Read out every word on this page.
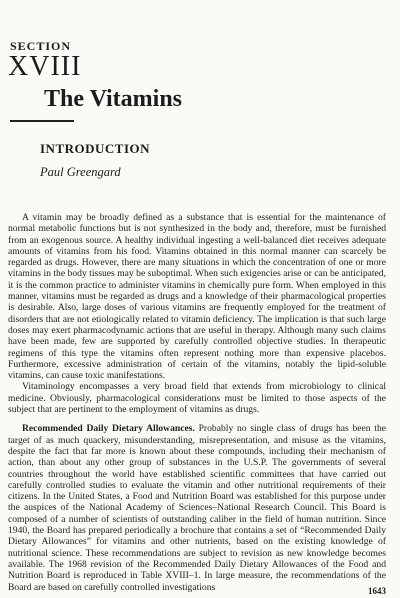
SECTION
XVIII
The Vitamins
INTRODUCTION
Paul Greengard

A vitamin may be broadly defined as a substance that is essential for the maintenance of normal metabolic functions but is not synthesized in the body and, therefore, must be furnished from an exogenous source. A healthy individual ingesting a well-balanced diet receives adequate amounts of vitamins from his food. Vitamins obtained in this normal manner can scarcely be regarded as drugs. However, there are many situations in which the concentration of one or more vitamins in the body tissues may be suboptimal. When such exigencies arise or can be anticipated, it is the common practice to administer vitamins in chemically pure form. When employed in this manner, vitamins must be regarded as drugs and a knowledge of their pharmacological properties is desirable. Also, large doses of various vitamins are frequently employed for the treatment of disorders that are not etiologically related to vitamin deficiency. The implication is that such large doses may exert pharmacodynamic actions that are useful in therapy. Although many such claims have been made, few are supported by carefully controlled objective studies. In therapeutic regimens of this type the vitamins often represent nothing more than expensive placebos. Furthermore, excessive administration of certain of the vitamins, notably the lipid-soluble vitamins, can cause toxic manifestations.

Vitaminology encompasses a very broad field that extends from microbiology to clinical medicine. Obviously, pharmacological considerations must be limited to those aspects of the subject that are pertinent to the employment of vitamins as drugs.

Recommended Daily Dietary Allowances. Probably no single class of drugs has been the target of as much quackery, misunderstanding, misrepresentation, and misuse as the vitamins, despite the fact that far more is known about these compounds, including their mechanism of action, than about any other group of substances in the U.S.P. The governments of several countries throughout the world have established scientific committees that have carried out carefully controlled studies to evaluate the vitamin and other nutritional requirements of their citizens. In the United States, a Food and Nutrition Board was established for this purpose under the auspices of the National Academy of Sciences–National Research Council. This Board is composed of a number of scientists of outstanding caliber in the field of human nutrition. Since 1940, the Board has prepared periodically a brochure that contains a set of “Recommended Daily Dietary Allowances” for vitamins and other nutrients, based on the existing knowledge of nutritional science. These recommendations are subject to revision as new knowledge becomes available. The 1968 revision of the Recommended Daily Dietary Allowances of the Food and Nutrition Board is reproduced in Table XVIII–1. In large measure, the recommendations of the Board are based on carefully controlled investigations	1643
